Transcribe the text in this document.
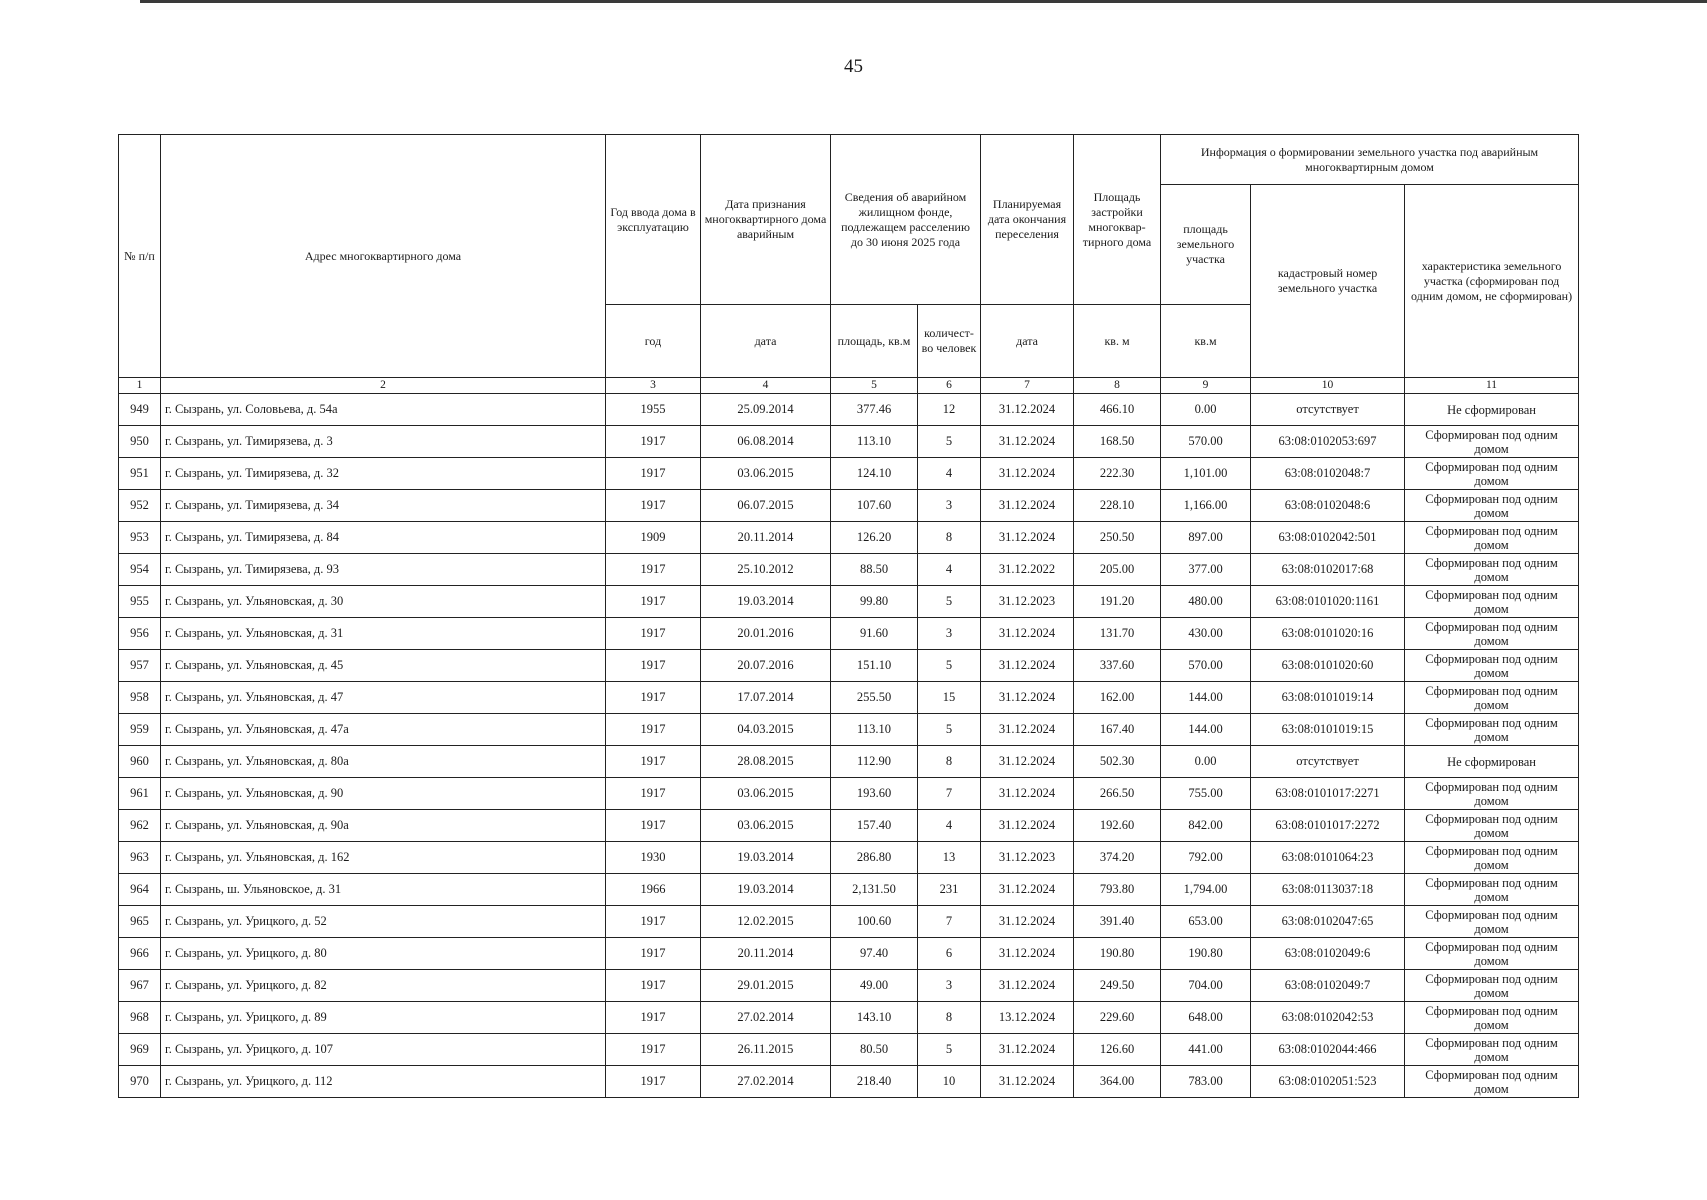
45
№ п/п	Адрес многоквартирного дома	Год ввода дома в эксплуатацию	Дата признания многоквартирного дома аварийным	Сведения об аварийном жилищном фонде, подлежащем расселению до 30 июня 2025 года		Планируемая дата окончания переселения	Площадь застройки многоквар-тирного дома	Информация о формировании земельного участка под аварийным многоквартирным домом		
								площадь земельного участка	кадастровый номер земельного участка	характеристика земельного участка (сформирован под одним домом, не сформирован)
		год	дата	площадь, кв.м	количест-во человек	дата	кв. м	кв.м		
1	2	3	4	5	6	7	8	9	10	11
949	г. Сызрань, ул. Соловьева, д. 54а	1955	25.09.2014	377.46	12	31.12.2024	466.10	0.00	отсутствует	Не сформирован
950	г. Сызрань, ул. Тимирязева, д. 3	1917	06.08.2014	113.10	5	31.12.2024	168.50	570.00	63:08:0102053:697	Сформирован под одним домом
951	г. Сызрань, ул. Тимирязева, д. 32	1917	03.06.2015	124.10	4	31.12.2024	222.30	1,101.00	63:08:0102048:7	Сформирован под одним домом
952	г. Сызрань, ул. Тимирязева, д. 34	1917	06.07.2015	107.60	3	31.12.2024	228.10	1,166.00	63:08:0102048:6	Сформирован под одним домом
953	г. Сызрань, ул. Тимирязева, д. 84	1909	20.11.2014	126.20	8	31.12.2024	250.50	897.00	63:08:0102042:501	Сформирован под одним домом
954	г. Сызрань, ул. Тимирязева, д. 93	1917	25.10.2012	88.50	4	31.12.2022	205.00	377.00	63:08:0102017:68	Сформирован под одним домом
955	г. Сызрань, ул. Ульяновская, д. 30	1917	19.03.2014	99.80	5	31.12.2023	191.20	480.00	63:08:0101020:1161	Сформирован под одним домом
956	г. Сызрань, ул. Ульяновская, д. 31	1917	20.01.2016	91.60	3	31.12.2024	131.70	430.00	63:08:0101020:16	Сформирован под одним домом
957	г. Сызрань, ул. Ульяновская, д. 45	1917	20.07.2016	151.10	5	31.12.2024	337.60	570.00	63:08:0101020:60	Сформирован под одним домом
958	г. Сызрань, ул. Ульяновская, д. 47	1917	17.07.2014	255.50	15	31.12.2024	162.00	144.00	63:08:0101019:14	Сформирован под одним домом
959	г. Сызрань, ул. Ульяновская, д. 47а	1917	04.03.2015	113.10	5	31.12.2024	167.40	144.00	63:08:0101019:15	Сформирован под одним домом
960	г. Сызрань, ул. Ульяновская, д. 80а	1917	28.08.2015	112.90	8	31.12.2024	502.30	0.00	отсутствует	Не сформирован
961	г. Сызрань, ул. Ульяновская, д. 90	1917	03.06.2015	193.60	7	31.12.2024	266.50	755.00	63:08:0101017:2271	Сформирован под одним домом
962	г. Сызрань, ул. Ульяновская, д. 90а	1917	03.06.2015	157.40	4	31.12.2024	192.60	842.00	63:08:0101017:2272	Сформирован под одним домом
963	г. Сызрань, ул. Ульяновская, д. 162	1930	19.03.2014	286.80	13	31.12.2023	374.20	792.00	63:08:0101064:23	Сформирован под одним домом
964	г. Сызрань, ш. Ульяновское, д. 31	1966	19.03.2014	2,131.50	231	31.12.2024	793.80	1,794.00	63:08:0113037:18	Сформирован под одним домом
965	г. Сызрань, ул. Урицкого, д. 52	1917	12.02.2015	100.60	7	31.12.2024	391.40	653.00	63:08:0102047:65	Сформирован под одним домом
966	г. Сызрань, ул. Урицкого, д. 80	1917	20.11.2014	97.40	6	31.12.2024	190.80	190.80	63:08:0102049:6	Сформирован под одним домом
967	г. Сызрань, ул. Урицкого, д. 82	1917	29.01.2015	49.00	3	31.12.2024	249.50	704.00	63:08:0102049:7	Сформирован под одним домом
968	г. Сызрань, ул. Урицкого, д. 89	1917	27.02.2014	143.10	8	13.12.2024	229.60	648.00	63:08:0102042:53	Сформирован под одним домом
969	г. Сызрань, ул. Урицкого, д. 107	1917	26.11.2015	80.50	5	31.12.2024	126.60	441.00	63:08:0102044:466	Сформирован под одним домом
970	г. Сызрань, ул. Урицкого, д. 112	1917	27.02.2014	218.40	10	31.12.2024	364.00	783.00	63:08:0102051:523	Сформирован под одним домом
